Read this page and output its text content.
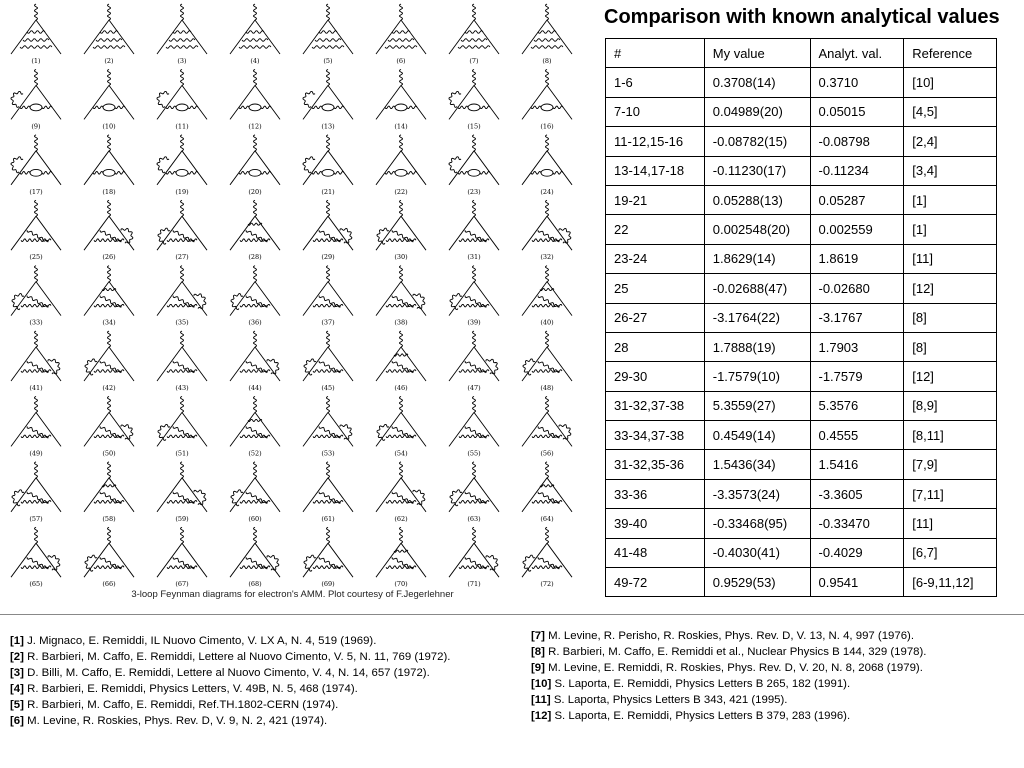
(1)	(2)	(3)	(4)	(5)	(6)	(7)	(8)
(9)	(10)	(11)	(12)	(13)	(14)	(15)	(16)
(17)	(18)	(19)	(20)	(21)	(22)	(23)	(24)
(25)	(26)	(27)	(28)	(29)	(30)	(31)	(32)
(33)	(34)	(35)	(36)	(37)	(38)	(39)	(40)
(41)	(42)	(43)	(44)	(45)	(46)	(47)	(48)
(49)	(50)	(51)	(52)	(53)	(54)	(55)	(56)
(57)	(58)	(59)	(60)	(61)	(62)	(63)	(64)
(65)	(66)	(67)	(68)	(69)	(70)	(71)	(72)
3-loop Feynman diagrams for electron's AMM. Plot courtesy of F.Jegerlehner
Comparison with known analytical values
#	My value	Analyt. val.	Reference
1-6	0.3708(14)	0.3710	[10]
7-10	0.04989(20)	0.05015	[4,5]
11-12,15-16	-0.08782(15)	-0.08798	[2,4]
13-14,17-18	-0.11230(17)	-0.11234	[3,4]
19-21	0.05288(13)	0.05287	[1]
22	0.002548(20)	0.002559	[1]
23-24	1.8629(14)	1.8619	[11]
25	-0.02688(47)	-0.02680	[12]
26-27	-3.1764(22)	-3.1767	[8]
28	1.7888(19)	1.7903	[8]
29-30	-1.7579(10)	-1.7579	[12]
31-32,37-38	5.3559(27)	5.3576	[8,9]
33-34,37-38	0.4549(14)	0.4555	[8,11]
31-32,35-36	1.5436(34)	1.5416	[7,9]
33-36	-3.3573(24)	-3.3605	[7,11]
39-40	-0.33468(95)	-0.33470	[11]
41-48	-0.4030(41)	-0.4029	[6,7]
49-72	0.9529(53)	0.9541	[6-9,11,12]
[1] J. Mignaco, E. Remiddi, IL Nuovo Cimento, V. LX A, N. 4, 519 (1969).
[2] R. Barbieri, M. Caffo, E. Remiddi, Lettere al Nuovo Cimento, V. 5, N. 11, 769 (1972).
[3] D. Billi, M. Caffo, E. Remiddi, Lettere al Nuovo Cimento, V. 4, N. 14, 657 (1972).
[4] R. Barbieri, E. Remiddi, Physics Letters, V. 49B, N. 5, 468 (1974).
[5] R. Barbieri, M. Caffo, E. Remiddi, Ref.TH.1802-CERN (1974).
[6] M. Levine, R. Roskies, Phys. Rev. D, V. 9, N. 2, 421 (1974).
[7] M. Levine, R. Perisho, R. Roskies, Phys. Rev. D, V. 13, N. 4, 997 (1976).
[8] R. Barbieri, M. Caffo, E. Remiddi et al., Nuclear Physics B 144, 329 (1978).
[9] M. Levine, E. Remiddi, R. Roskies, Phys. Rev. D, V. 20, N. 8, 2068 (1979).
[10] S. Laporta, E. Remiddi, Physics Letters B 265, 182 (1991).
[11] S. Laporta, Physics Letters B 343, 421 (1995).
[12] S. Laporta, E. Remiddi, Physics Letters B 379, 283 (1996).
